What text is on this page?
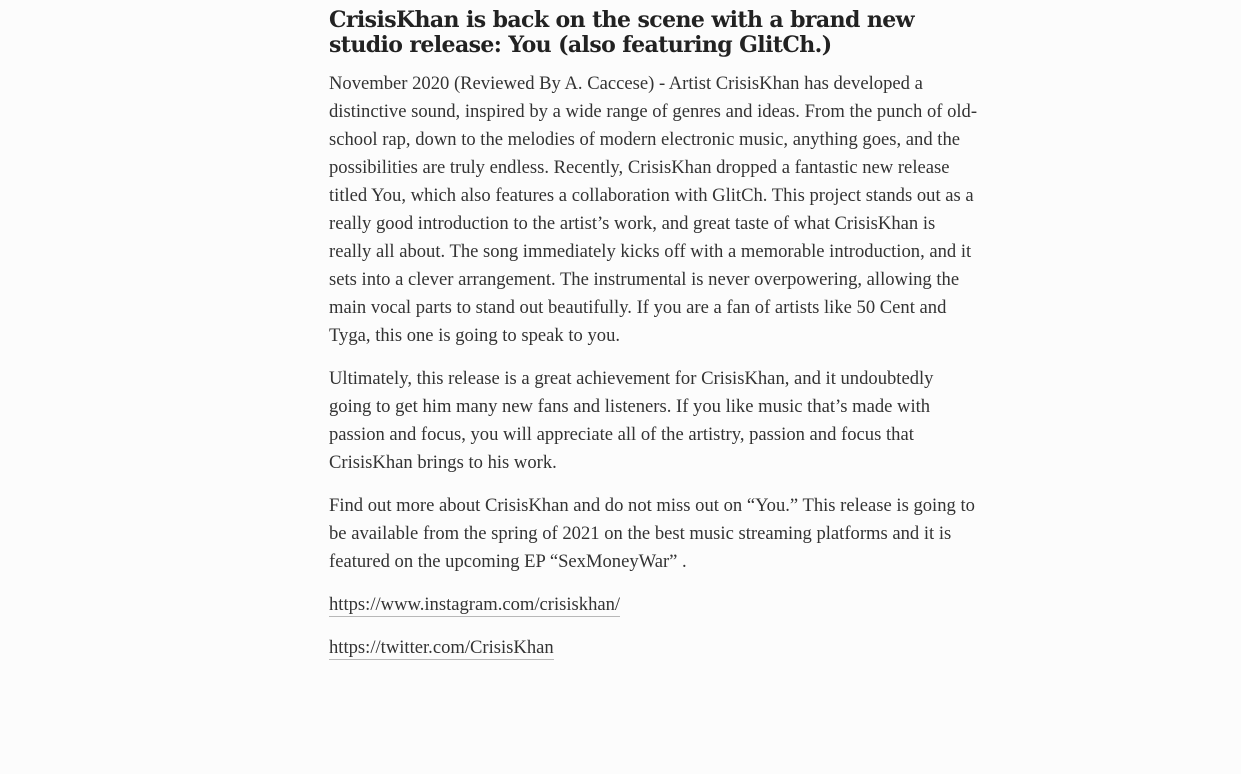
CrisisKhan is back on the scene with a brand new studio release: You (also featuring GlitCh.)

November 2020 (Reviewed By A. Caccese) - Artist CrisisKhan has developed a distinctive sound, inspired by a wide range of genres and ideas. From the punch of old-school rap, down to the melodies of modern electronic music, anything goes, and the possibilities are truly endless. Recently, CrisisKhan dropped a fantastic new release titled You, which also features a collaboration with GlitCh. This project stands out as a really good introduction to the artist’s work, and great taste of what CrisisKhan is really all about. The song immediately kicks off with a memorable introduction, and it sets into a clever arrangement. The instrumental is never overpowering, allowing the main vocal parts to stand out beautifully. If you are a fan of artists like 50 Cent and Tyga, this one is going to speak to you.

Ultimately, this release is a great achievement for CrisisKhan, and it undoubtedly going to get him many new fans and listeners. If you like music that’s made with passion and focus, you will appreciate all of the artistry, passion and focus that CrisisKhan brings to his work.

Find out more about CrisisKhan and do not miss out on “You.” This release is going to be available from the spring of 2021 on the best music streaming platforms and it is featured on the upcoming EP “SexMoneyWar” .

https://www.instagram.com/crisiskhan/

https://twitter.com/CrisisKhan
